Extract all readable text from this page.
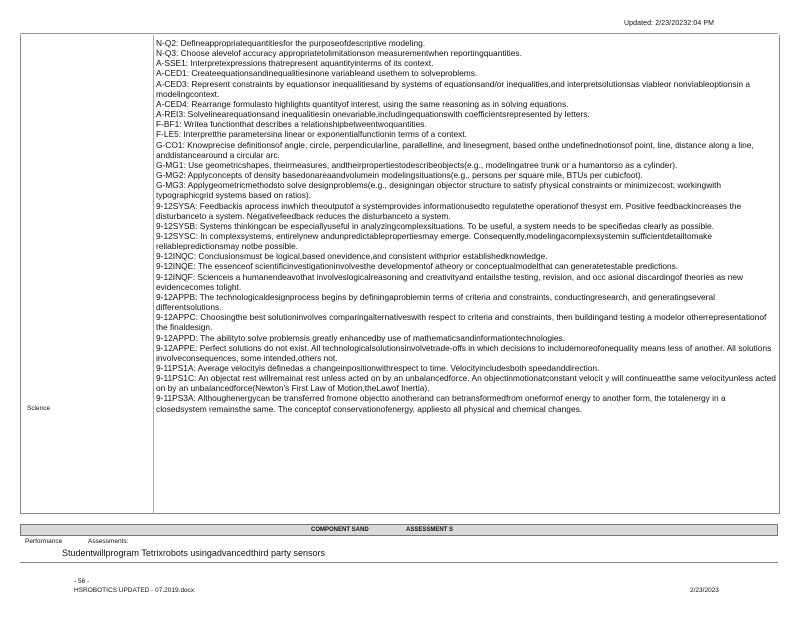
Updated: 2/23/20232:04 PM
Science
N-Q2: Defineappropriatequantitiesfor the purposeofdescriptive modeling.
N-Q3: Choose alevelof accuracy appropriatetolimitationson measurementwhen reportingquantities.
A-SSE1: Interpretexpressions thatrepresent aquantityinterms of its context.
A-CED1: Createequationsandinequalitiesinone variableand usethem to solveproblems.
A-CED3: Represent constraints by equationsor inequalitiesand by systems of equationsand/or inequalities,and interpretsolutionsas viableor nonviableoptionsin a modelingcontext.
A-CED4: Rearrange formulasto highlights quantityof interest, using the same reasoning as in solving equations.
A-REI3: Solvelinearequationsand inequalitiesin onevariable,includingequationswith coefficientsrepresented by letters.
F-BF1: Writea functionthat describes a relationshipbetweentwoquantities.
F-LE5: Interpretthe parametersina linear or exponentialfunctionin terms of a context.
G-CO1: Knowprecise definitionsof angle, circle, perpendicularline, parallelline, and linesegment, based onthe undefinednotionsof point, line, distance along a line, anddistancearound a circular arc.
G-MG1: Use geometricshapes, theirmeasures, andtheirpropertiestodescribeobjects(e.g., modelingatree trunk or a humantorso as a cylinder).
G-MG2: Applyconcepts of density basedonareaandvolumein modelingsituations(e.g., persons per square mile, BTUs per cubicfoot).
G-MG3: Applygeometricmethodsto solve designproblems(e.g., designingan objector structure to satisfy physical constraints or minimizecost; workingwith typographicgrid systems based on ratios).
9-12SYSA: Feedbackis aprocess inwhich theoutputof a systemprovides informationusedto regulatethe operationof thesyst em. Positive feedbackincreases the disturbanceto a system. Negativefeedback reduces the disturbanceto a system.
9-12SYSB: Systems thinkingcan be especiallyuseful in analyzingcomplexsituations. To be useful, a system needs to be specifiedas clearly as possible.
9-12SYSC: In complexsystems, entirelynew andunpredictablepropertiesmay emerge. Consequently,modelingacomplexsystemin sufficientdetailtomake reliablepredictionsmay notbe possible.
9-12INQC: Conclusionsmust be logical,based onevidence,and consistent withprior establishedknowledge.
9-12INQE: The essenceof scientificinvestigationinvolvesthe developmentof atheory or conceptualmodelthat can generatetestable predictions.
9-12INQF: Scienceis a humanendeavothat involveslogicalreasoning and creativityand entailsthe testing, revision, and occ asional discardingof theories as new evidencecomes tolight.
9-12APPB: The technologicaldesignprocess begins by definingaproblemin terms of criteria and constraints, conductingresearch, and generatingseveral differentsolutions.
9-12APPC: Choosingthe best solutioninvolves comparingalternativeswith respect to criteria and constraints, then buildingand testing a modelor otherrepresentationof the finaldesign.
9-12APPD: The abilityto solve problemsis greatly enhancedby use of mathematicsandinformationtechnologies.
9-12APPE: Perfect solutions do not exist. All technologicalsolutionsinvolvetrade-offs in which decisions to includemoreofonequality means less of another. All solutions involveconsequences, some intended,others not.
9-11PS1A: Average velocityis definedas a changeinpositionwithrespect to time. Velocityincludesboth speedanddirection.
9-11PS1C: An objectat rest willremainat rest unless acted on by an unbalancedforce. An objectinmotionatconstant velocit y will continueatthe same velocityunless acted on by an unbalancedforce(Newton's First Law of Motion,theLawof Inertia).
9-11PS3A: Althoughenergycan be transferred fromone objectto anotherand can betransformedfrom oneformof energy to another form, the totalenergy in a closedsystem remainsthe same. The conceptof conservationofenergy, appliesto all physical and chemical changes.
COMPONENT SAND	ASSESSMENT S
Performance	Assessments:
Studentwillprogram Tetrixrobots usingadvancedthird party sensors
- 56 -
HSROBOTICS UPDATED - 07.2019.docx	2/23/2023
